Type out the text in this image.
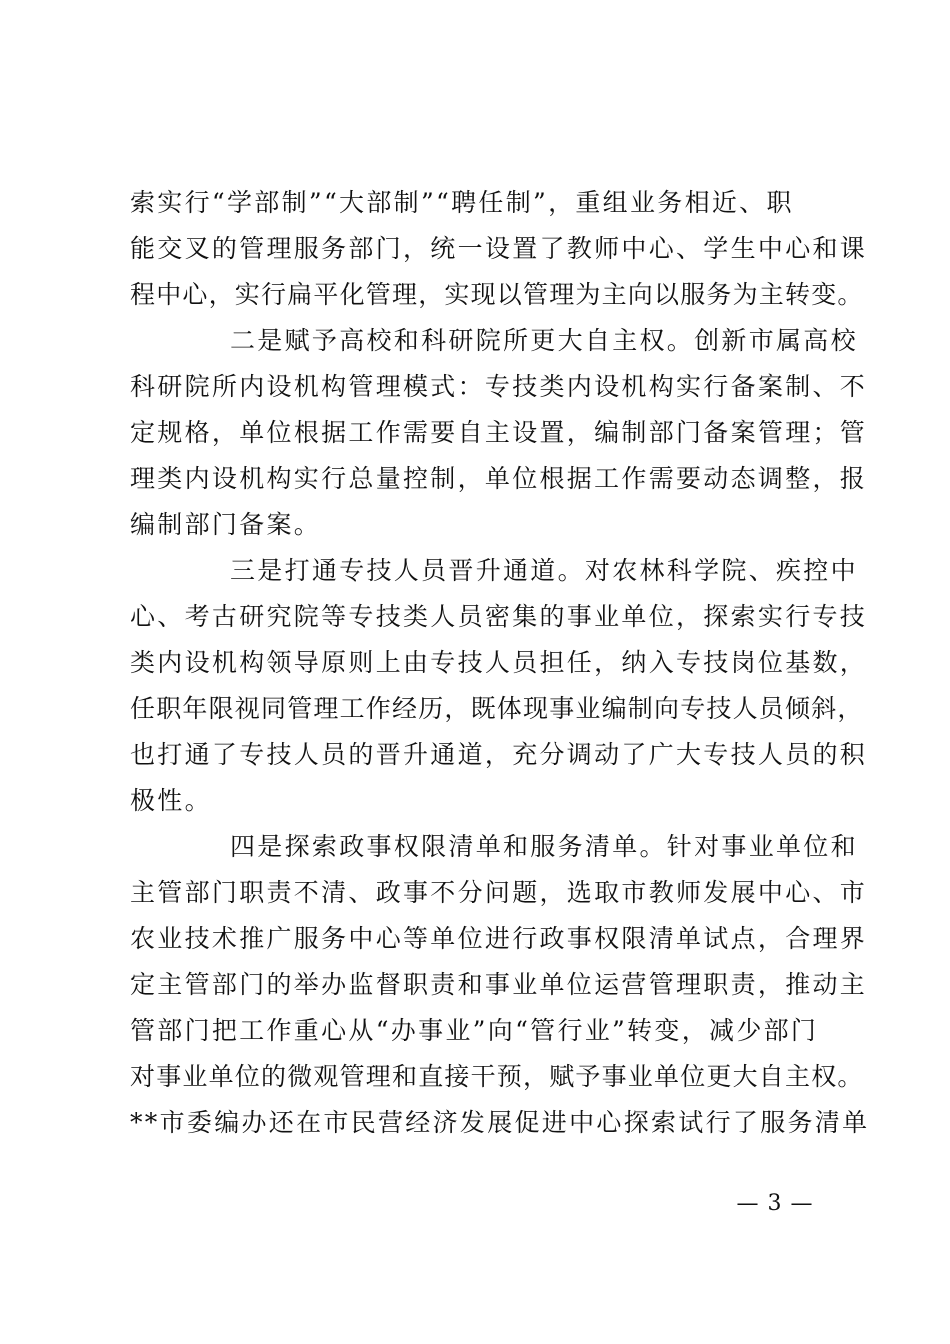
索实行“学部制”“大部制”“聘任制”，重组业务相近、职
能交叉的管理服务部门，统一设置了教师中心、学生中心和课
程中心，实行扁平化管理，实现以管理为主向以服务为主转变。
二是赋予高校和科研院所更大自主权。创新市属高校
科研院所内设机构管理模式：专技类内设机构实行备案制、不
定规格，单位根据工作需要自主设置，编制部门备案管理；管
理类内设机构实行总量控制，单位根据工作需要动态调整，报
编制部门备案。
三是打通专技人员晋升通道。对农林科学院、疾控中
心、考古研究院等专技类人员密集的事业单位，探索实行专技
类内设机构领导原则上由专技人员担任，纳入专技岗位基数，
任职年限视同管理工作经历，既体现事业编制向专技人员倾斜，
也打通了专技人员的晋升通道，充分调动了广大专技人员的积
极性。
四是探索政事权限清单和服务清单。针对事业单位和
主管部门职责不清、政事不分问题，选取市教师发展中心、市
农业技术推广服务中心等单位进行政事权限清单试点，合理界
定主管部门的举办监督职责和事业单位运营管理职责，推动主
管部门把工作重心从“办事业”向“管行业”转变，减少部门
对事业单位的微观管理和直接干预，赋予事业单位更大自主权。
**市委编办还在市民营经济发展促进中心探索试行了服务清单
— 3 —
